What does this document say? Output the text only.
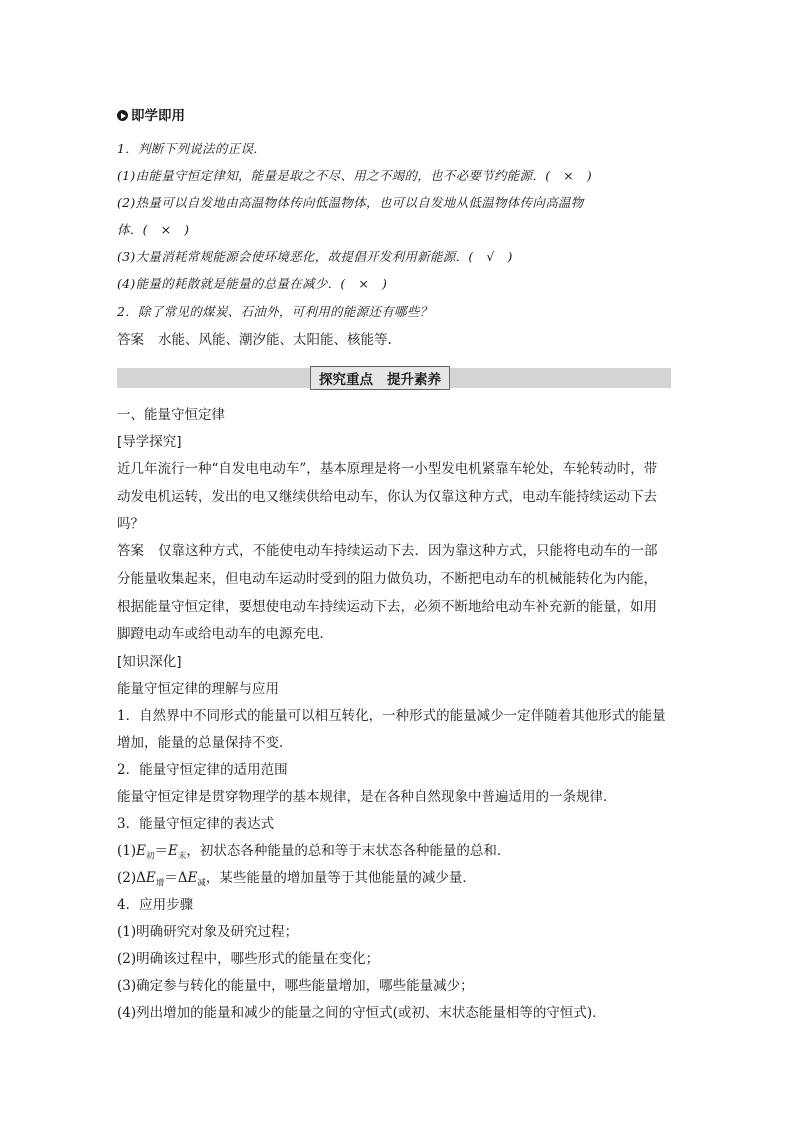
即学即用
1．判断下列说法的正误．
(1)由能量守恒定律知，能量是取之不尽、用之不竭的，也不必要节约能源．(　×　)
(2)热量可以自发地由高温物体传向低温物体，也可以自发地从低温物体传向高温物
体．(　×　)
(3)大量消耗常规能源会使环境恶化，故提倡开发利用新能源．(　√　)
(4)能量的耗散就是能量的总量在减少．(　×　)
2．除了常见的煤炭、石油外，可利用的能源还有哪些？
答案 水能、风能、潮汐能、太阳能、核能等.
探究重点 提升素养
一、能量守恒定律
[导学探究]
近几年流行一种“自发电电动车”，基本原理是将一小型发电机紧靠车轮处，车轮转动时，带
动发电机运转，发出的电又继续供给电动车，你认为仅靠这种方式，电动车能持续运动下去
吗？
答案 仅靠这种方式，不能使电动车持续运动下去．因为靠这种方式，只能将电动车的一部
分能量收集起来，但电动车运动时受到的阻力做负功，不断把电动车的机械能转化为内能，
根据能量守恒定律，要想使电动车持续运动下去，必须不断地给电动车补充新的能量，如用
脚蹬电动车或给电动车的电源充电．
[知识深化]
能量守恒定律的理解与应用
1．自然界中不同形式的能量可以相互转化，一种形式的能量减少一定伴随着其他形式的能量
增加，能量的总量保持不变．
2．能量守恒定律的适用范围
能量守恒定律是贯穿物理学的基本规律，是在各种自然现象中普遍适用的一条规律．
3．能量守恒定律的表达式
$(1)E_初=E_末$，初状态各种能量的总和等于末状态各种能量的总和．
$(2)\Delta E_增=\Delta E_减$，某些能量的增加量等于其他能量的减少量．
4．应用步骤
(1)明确研究对象及研究过程；
(2)明确该过程中，哪些形式的能量在变化；
(3)确定参与转化的能量中，哪些能量增加，哪些能量减少；
(4)列出增加的能量和减少的能量之间的守恒式(或初、末状态能量相等的守恒式)．
